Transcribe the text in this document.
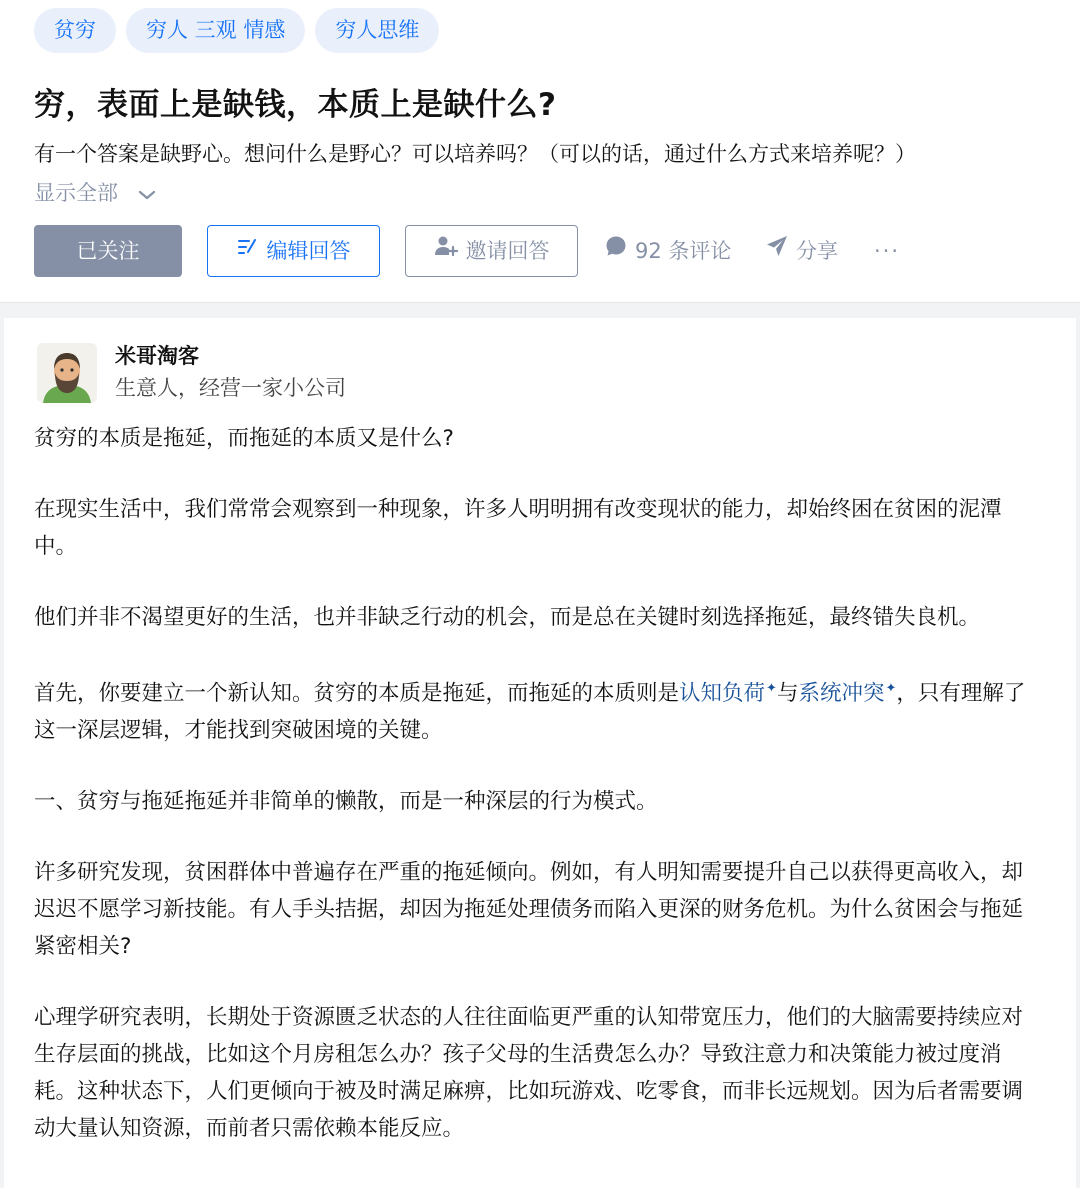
贫穷	穷人 三观 情感	穷人思维
穷，表面上是缺钱，本质上是缺什么?
有一个答案是缺野心。想问什么是野心？可以培养吗？（可以的话，通过什么方式来培养呢？）
显示全部
已关注	编辑回答	邀请回答	92 条评论	分享 ···
米哥淘客
生意人，经营一家小公司

贫穷的本质是拖延，而拖延的本质又是什么?

在现实生活中，我们常常会观察到一种现象，许多人明明拥有改变现状的能力，却始终困在贫困的泥潭中。

他们并非不渴望更好的生活，也并非缺乏行动的机会，而是总在关键时刻选择拖延，最终错失良机。

首先，你要建立一个新认知。贫穷的本质是拖延，而拖延的本质则是认知负荷✦与系统冲突✦，只有理解了这一深层逻辑，才能找到突破困境的关键。

一、贫穷与拖延拖延并非简单的懒散，而是一种深层的行为模式。

许多研究发现，贫困群体中普遍存在严重的拖延倾向。例如，有人明知需要提升自己以获得更高收入，却迟迟不愿学习新技能。有人手头拮据，却因为拖延处理债务而陷入更深的财务危机。为什么贫困会与拖延紧密相关?

心理学研究表明，长期处于资源匮乏状态的人往往面临更严重的认知带宽压力，他们的大脑需要持续应对生存层面的挑战，比如这个月房租怎么办？孩子父母的生活费怎么办？导致注意力和决策能力被过度消耗。这种状态下，人们更倾向于被及时满足麻痹，比如玩游戏、吃零食，而非长远规划。因为后者需要调动大量认知资源，而前者只需依赖本能反应。
